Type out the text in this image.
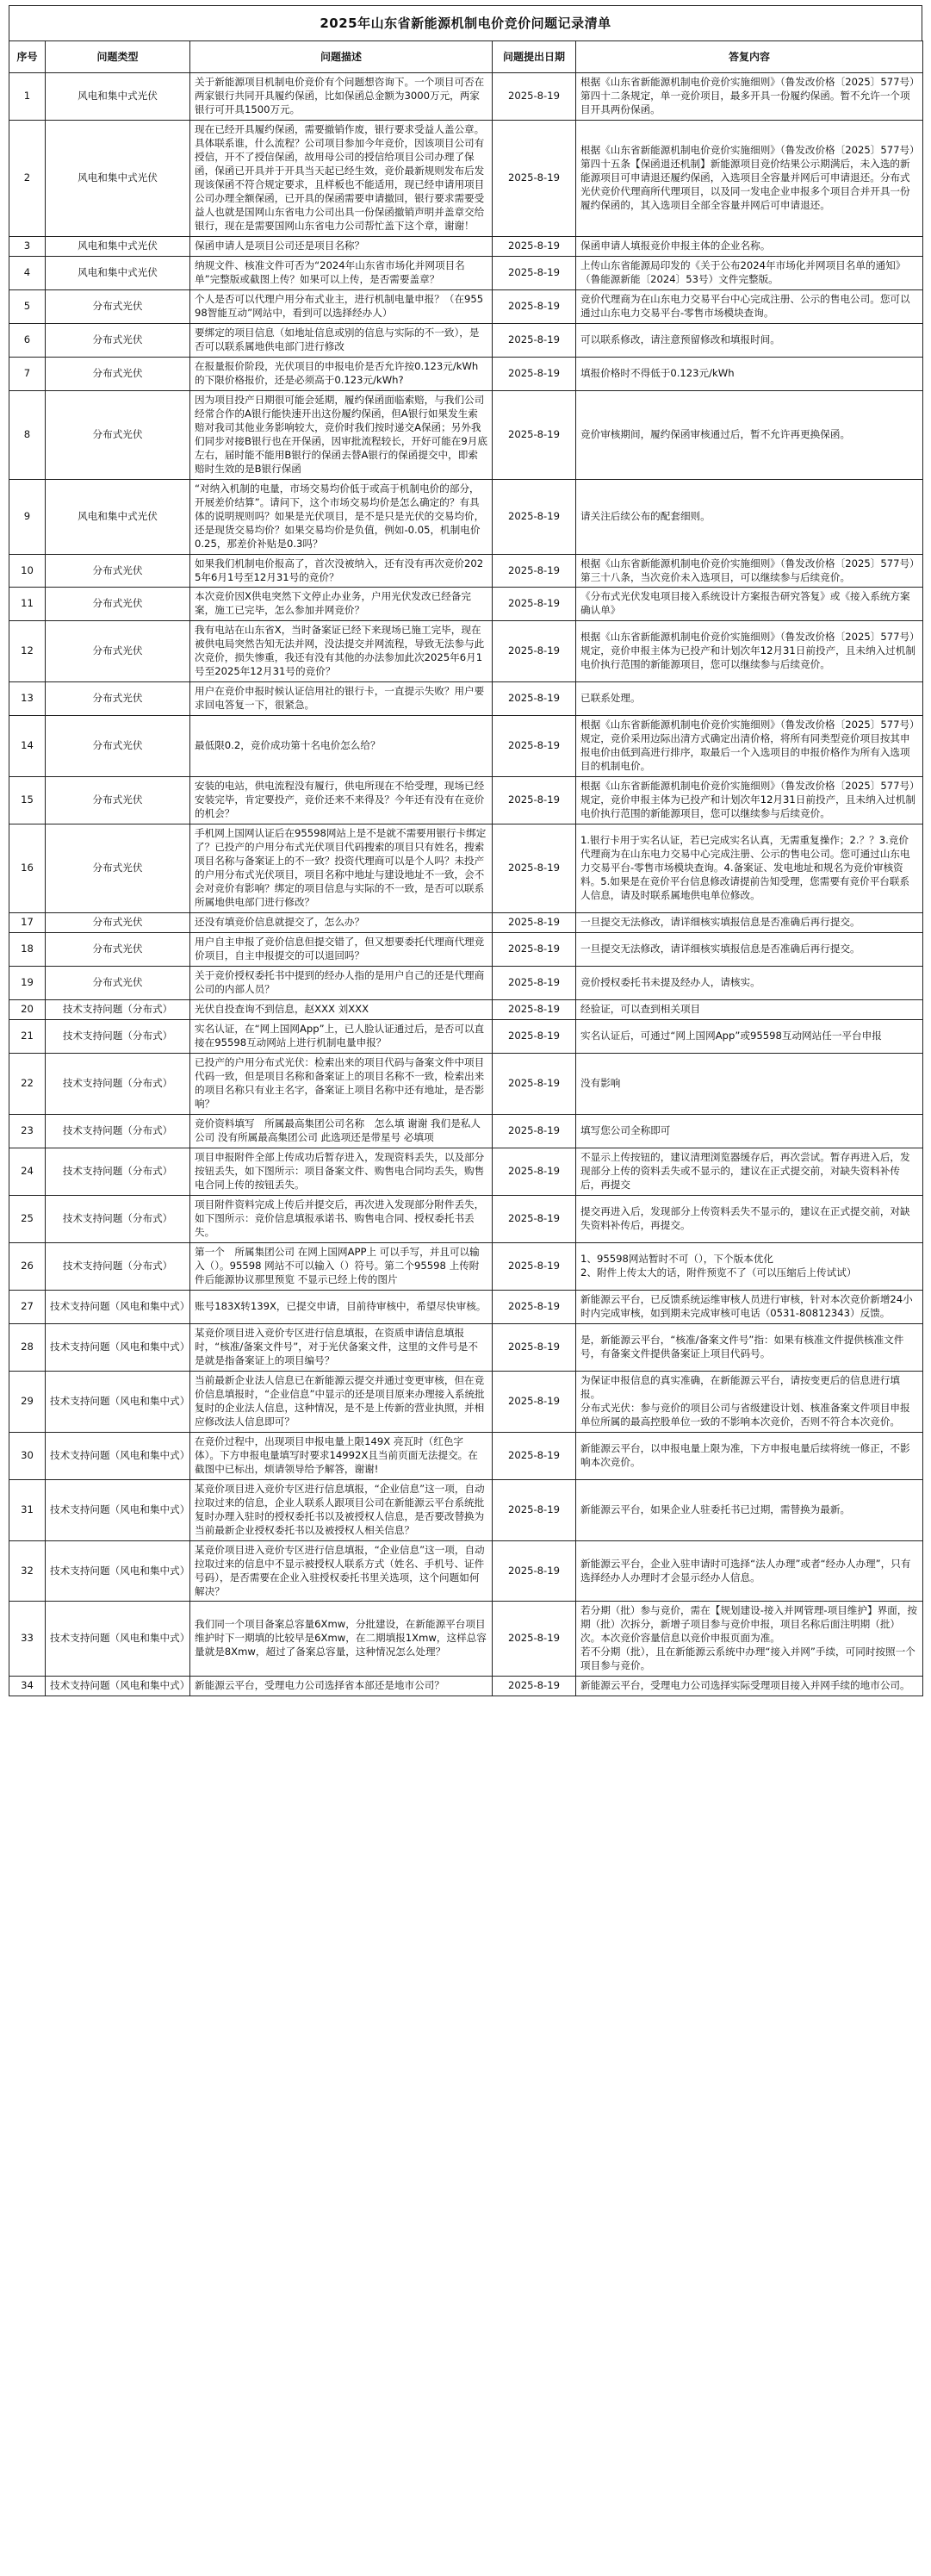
2025年山东省新能源机制电价竞价问题记录清单
序号	问题类型	问题描述	问题提出日期	答复内容
1	风电和集中式光伏	关于新能源项目机制电价竞价有个问题想咨询下。一个项目可否在两家银行共同开具履约保函，比如保函总金额为3000万元，两家银行可开具1500万元。	2025-8-19	根据《山东省新能源机制电价竞价实施细则》（鲁发改价格〔2025〕577号）第四十二条规定，单一竞价项目，最多开具一份履约保函。暂不允许一个项目开具两份保函。
2	风电和集中式光伏	现在已经开具履约保函，需要撤销作废，银行要求受益人盖公章。具体联系谁，什么流程？公司项目参加今年竞价，因该项目公司有授信，开不了授信保函，故用母公司的授信给项目公司办理了保函，保函已开具并于开具当天起已经生效，竞价最新规则发布后发现该保函不符合规定要求，且样板也不能适用，现已经申请用项目公司办理全额保函，已开具的保函需要申请撤回，银行要求需要受益人也就是国网山东省电力公司出具一份保函撤销声明并盖章交给银行，现在是需要国网山东省电力公司帮忙盖下这个章，谢谢！	2025-8-19	根据《山东省新能源机制电价竞价实施细则》（鲁发改价格〔2025〕577号）第四十五条【保函退还机制】新能源项目竞价结果公示期满后，未入选的新能源项目可申请退还履约保函，入选项目全容量并网后可申请退还。分布式光伏竞价代理商所代理项目，以及同一发电企业申报多个项目合并开具一份履约保函的，其入选项目全部全容量并网后可申请退还。
3	风电和集中式光伏	保函申请人是项目公司还是项目名称？	2025-8-19	保函申请人填报竞价申报主体的企业名称。
4	风电和集中式光伏	纳规文件、核准文件可否为“2024年山东省市场化并网项目名单”完整版或截图上传？如果可以上传，是否需要盖章？	2025-8-19	上传山东省能源局印发的《关于公布2024年市场化并网项目名单的通知》（鲁能源新能〔2024〕53号）文件完整版。
5	分布式光伏	个人是否可以代理户用分布式业主，进行机制电量申报？（在95598智能互动”网站中，看到可以选择经办人）	2025-8-19	竞价代理商为在山东电力交易平台中心完成注册、公示的售电公司。您可以通过山东电力交易平台-零售市场模块查询。
6	分布式光伏	要绑定的项目信息（如地址信息或别的信息与实际的不一致），是否可以联系属地供电部门进行修改	2025-8-19	可以联系修改，请注意预留修改和填报时间。
7	分布式光伏	在报量报价阶段，光伏项目的申报电价是否允许按0.123元/kWh的下限价格报价，还是必须高于0.123元/kWh?	2025-8-19	填报价格时不得低于0.123元/kWh
8	分布式光伏	因为项目投产日期很可能会延期，履约保函面临索赔，与我们公司经常合作的A银行能快速开出这份履约保函，但A银行如果发生索赔对我司其他业务影响较大，竞价时我们按时递交A保函；另外我们同步对接B银行也在开保函，因审批流程较长，开好可能在9月底左右，届时能不能用B银行的保函去替A银行的保函提交中，即索赔时生效的是B银行保函	2025-8-19	竞价审核期间，履约保函审核通过后，暂不允许再更换保函。
9	风电和集中式光伏	“对纳入机制的电量，市场交易均价低于或高于机制电价的部分，开展差价结算”。请问下，这个市场交易均价是怎么确定的？有具体的说明规则吗？如果是光伏项目，是不是只是光伏的交易均价，还是现货交易均价？如果交易均价是负值，例如-0.05，机制电价0.25，那差价补贴是0.3吗？	2025-8-19	请关注后续公布的配套细则。
10	分布式光伏	如果我们机制电价报高了，首次没被纳入，还有没有再次竞价2025年6月1号至12月31号的竞价？	2025-8-19	根据《山东省新能源机制电价竞价实施细则》（鲁发改价格〔2025〕577号）第三十八条，当次竞价未入选项目，可以继续参与后续竞价。
11	分布式光伏	本次竞价因X供电突然下文停止办业务，户用光伏发改已经备完案，施工已完毕，怎么参加并网竞价？	2025-8-19	《分布式光伏发电项目接入系统设计方案报告研究答复》或《接入系统方案确认单》
12	分布式光伏	我有电站在山东省X，当时备案证已经下来现场已施工完毕，现在被供电局突然告知无法并网，没法提交并网流程，导致无法参与此次竞价，损失惨重，我还有没有其他的办法参加此次2025年6月1号至2025年12月31号的竞价？	2025-8-19	根据《山东省新能源机制电价竞价实施细则》（鲁发改价格〔2025〕577号）规定，竞价申报主体为已投产和计划次年12月31日前投产，且未纳入过机制电价执行范围的新能源项目，您可以继续参与后续竞价。
13	分布式光伏	用户在竞价申报时候认证信用社的银行卡，一直提示失败？用户要求回电答复一下，很紧急。	2025-8-19	已联系处理。
14	分布式光伏	最低限0.2，竞价成功第十名电价怎么给？	2025-8-19	根据《山东省新能源机制电价竞价实施细则》（鲁发改价格〔2025〕577号）规定，竞价采用边际出清方式确定出清价格，将所有同类型竞价项目按其申报电价由低到高进行排序，取最后一个入选项目的申报价格作为所有入选项目的机制电价。
15	分布式光伏	安装的电站，供电流程没有履行，供电所现在不给受理，现场已经安装完毕，肯定要投产，竞价还来不来得及？今年还有没有在竞价的机会？	2025-8-19	根据《山东省新能源机制电价竞价实施细则》（鲁发改价格〔2025〕577号）规定，竞价申报主体为已投产和计划次年12月31日前投产，且未纳入过机制电价执行范围的新能源项目，您可以继续参与后续竞价。
16	分布式光伏	手机网上国网认证后在95598网站上是不是就不需要用银行卡绑定了？已投产的户用分布式光伏项目代码搜索的项目只有姓名，搜索项目名称与备案证上的不一致？投资代理商可以是个人吗？未投产的户用分布式光伏项目，项目名称中地址与建设地址不一致，会不会对竞价有影响？绑定的项目信息与实际的不一致，是否可以联系所属地供电部门进行修改？	2025-8-19	1.银行卡用于实名认证，若已完成实名认真，无需重复操作；2.？？3.竞价代理商为在山东电力交易中心完成注册、公示的售电公司。您可通过山东电力交易平台-零售市场模块查询。4.备案证、发电地址和规名为竞价审核资料。5.如果是在竞价平台信息修改请提前告知受理，您需要有竞价平台联系人信息，请及时联系属地供电单位修改。
17	分布式光伏	还没有填竞价信息就提交了，怎么办？	2025-8-19	一旦提交无法修改，请详细核实填报信息是否准确后再行提交。
18	分布式光伏	用户自主申报了竞价信息但提交错了，但又想要委托代理商代理竞价项目，自主申报提交的可以退回吗？	2025-8-19	一旦提交无法修改，请详细核实填报信息是否准确后再行提交。
19	分布式光伏	关于竞价授权委托书中提到的经办人指的是用户自己的还是代理商公司的内部人员？	2025-8-19	竞价授权委托书未提及经办人，请核实。
20	技术支持问题（分布式）	光伏自投查询不到信息，赵XXX 刘XXX	2025-8-19	经验证，可以查到相关项目
21	技术支持问题（分布式）	实名认证，在“网上国网App”上，已人脸认证通过后，是否可以直接在95598互动网站上进行机制电量申报？	2025-8-19	实名认证后，可通过“网上国网App”或95598互动网站任一平台申报
22	技术支持问题（分布式）	已投产的户用分布式光伏：检索出来的项目代码与备案文件中项目代码一致，但是项目名称和备案证上的项目名称不一致，检索出来的项目名称只有业主名字，备案证上项目名称中还有地址，是否影响？	2025-8-19	没有影响
23	技术支持问题（分布式）	竞价资料填写　所属最高集团公司名称　怎么填 谢谢 我们是私人公司 没有所属最高集团公司 此选项还是带星号 必填项	2025-8-19	填写您公司全称即可
24	技术支持问题（分布式）	项目申报附件全部上传成功后暂存进入，发现资料丢失，以及部分按钮丢失，如下图所示：项目备案文件、购售电合同均丢失，购售电合同上传的按钮丢失。	2025-8-19	不显示上传按钮的，建议清理浏览器缓存后，再次尝试。暂存再进入后，发现部分上传的资料丢失或不显示的，建议在正式提交前，对缺失资料补传后，再提交
25	技术支持问题（分布式）	项目附件资料完成上传后并提交后，再次进入发现部分附件丢失，如下图所示：竞价信息填报承诺书、购售电合同、授权委托书丢失。	2025-8-19	提交再进入后，发现部分上传资料丢失不显示的，建议在正式提交前，对缺失资料补传后，再提交。
26	技术支持问题（分布式）	第一个　所属集团公司 在网上国网APP上 可以手写，并且可以输入（）。95598 网站不可以输入（）符号。第二个95598 上传附件后能源协议那里预览 不显示已经上传的图片	2025-8-19	1、95598网站暂时不可（），下个版本优化
2、附件上传太大的话，附件预览不了（可以压缩后上传试试）
27	技术支持问题（风电和集中式）	账号183X转139X，已提交申请，目前待审核中，希望尽快审核。	2025-8-19	新能源云平台，已反馈系统运维审核人员进行审核，针对本次竞价新增24小时内完成审核，如到期未完成审核可电话（0531-80812343）反馈。
28	技术支持问题（风电和集中式）	某竞价项目进入竞价专区进行信息填报，在资质申请信息填报时，“核准/备案文件号”，对于光伏备案文件，这里的文件号是不是就是指备案证上的项目编号？	2025-8-19	是，新能源云平台，“核准/备案文件号”指：如果有核准文件提供核准文件号，有备案文件提供备案证上项目代码号。
29	技术支持问题（风电和集中式）	当前最新企业法人信息已在新能源云提交并通过变更审核，但在竞价信息填报时，“企业信息”中显示的还是项目原来办理接入系统批复时的企业法人信息，这种情况，是不是上传新的营业执照，并相应修改法人信息即可？	2025-8-19	为保证申报信息的真实准确，在新能源云平台，请按变更后的信息进行填报。
分布式光伏：参与竞价的项目公司与省级建设计划、核准备案文件项目申报单位所属的最高控股单位一致的不影响本次竞价，否则不符合本次竞价。
30	技术支持问题（风电和集中式）	在竞价过程中，出现项目申报电量上限149X 亮瓦时（红色字体）。下方申报电量填写时要求14992X且当前页面无法提交。在截图中已标出，烦请领导给予解答，谢谢!	2025-8-19	新能源云平台，以申报电量上限为准，下方申报电量后续将统一修正，不影响本次竞价。
31	技术支持问题（风电和集中式）	某竞价项目进入竞价专区进行信息填报，“企业信息”这一项，自动拉取过来的信息，企业人联系人跟项目公司在新能源云平台系统批复时办理入驻时的授权委托书以及被授权人信息，是否要改替换为当前最新企业授权委托书以及被授权人相关信息？	2025-8-19	新能源云平台，如果企业人驻委托书已过期，需替换为最新。
32	技术支持问题（风电和集中式）	某竞价项目进入竞价专区进行信息填报，“企业信息”这一项，自动拉取过来的信息中不显示被授权人联系方式（姓名、手机号、证件号码），是否需要在企业入驻授权委托书里关选项，这个问题如何解决？	2025-8-19	新能源云平台，企业入驻申请时可选择“法人办理”或者“经办人办理”，只有选择经办人办理时才会显示经办人信息。
33	技术支持问题（风电和集中式）	我们同一个项目备案总容量6Xmw，分批建设，在新能源平台项目维护时下一期填的比较早是6Xmw，在二期填报1Xmw，这样总容量就是8Xmw，超过了备案总容量，这种情况怎么处理？	2025-8-19	若分期（批）参与竞价，需在【规划建设-接入并网管理-项目维护】界面，按期（批）次拆分，新增子项目参与竞价申报，项目名称后面注明期（批）次。本次竞价容量信息以竞价申报页面为准。
若不分期（批），且在新能源云系统中办理“接入并网”手续，可同时按照一个项目参与竞价。
34	技术支持问题（风电和集中式）	新能源云平台，受理电力公司选择省本部还是地市公司？	2025-8-19	新能源云平台，受理电力公司选择实际受理项目接入并网手续的地市公司。
